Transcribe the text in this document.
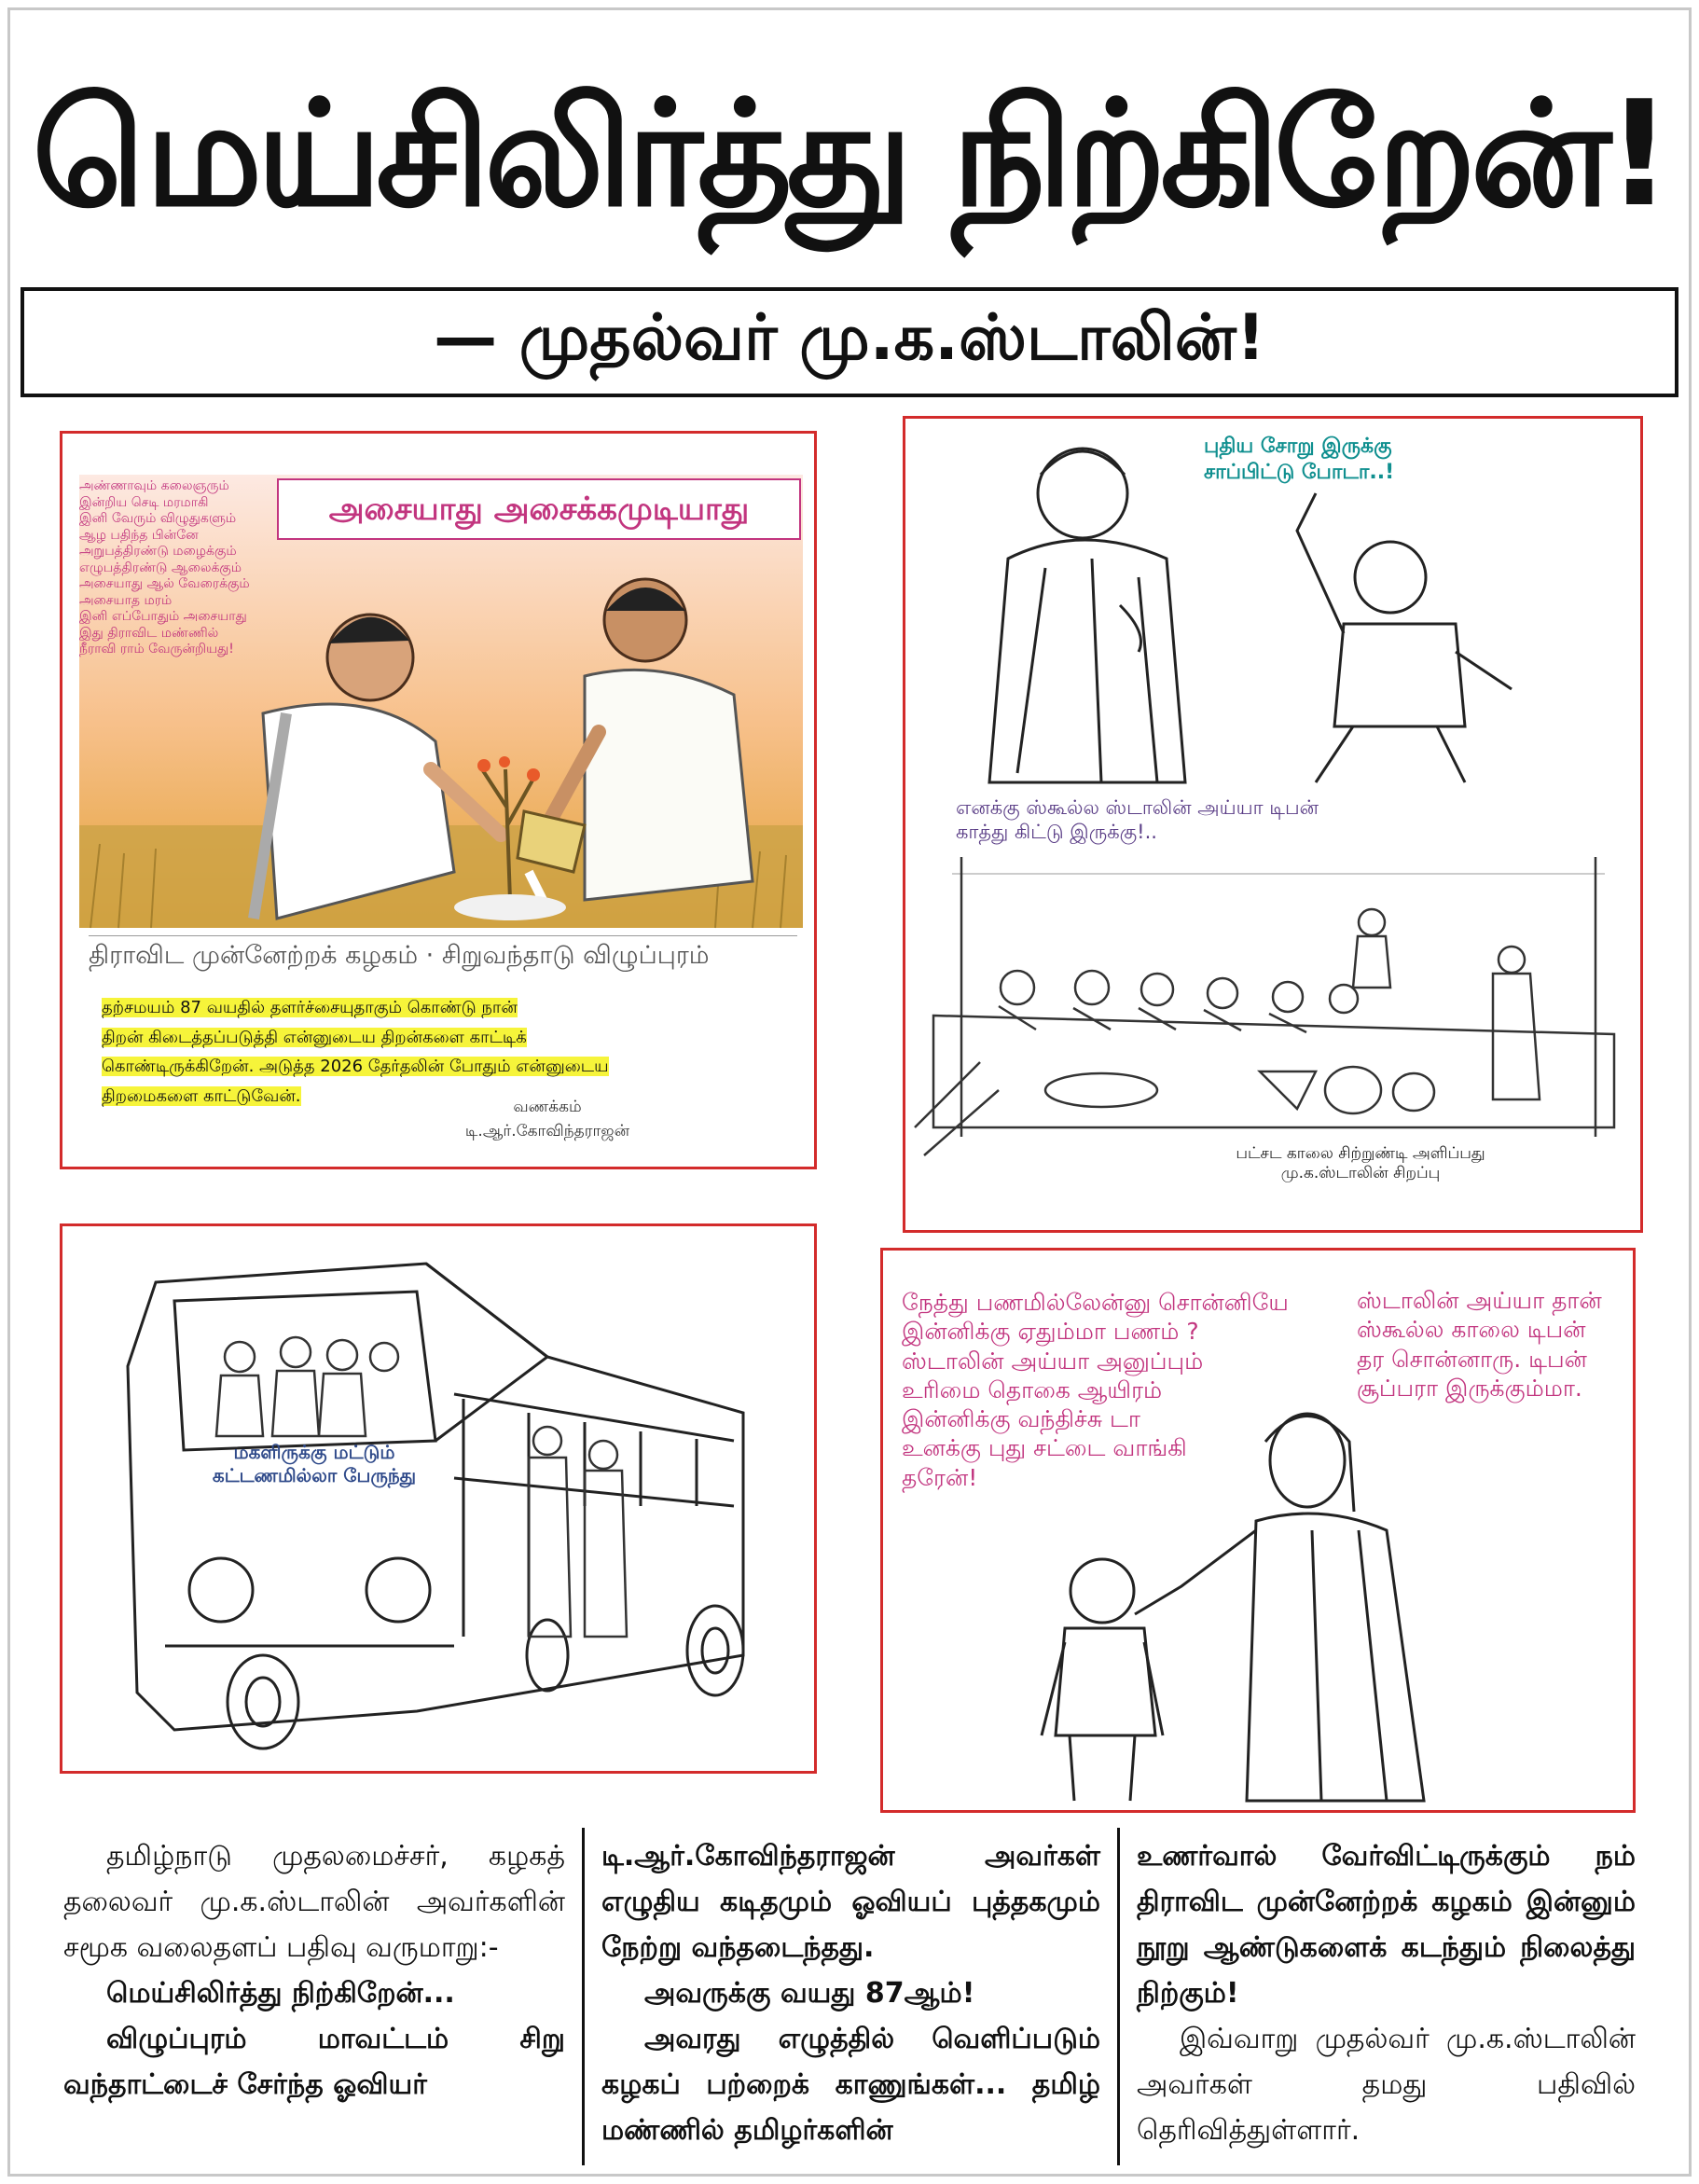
மெய்சிலிர்த்து நிற்கிறேன்!
— முதல்வர் மு.க.ஸ்டாலின்!
அசையாது அசைக்கமுடியாது
அண்ணாவும் கலைஞரும்
இன்றிய செடி மரமாகி
இனி வேரும் விழுதுகளும்
ஆழ பதிந்த பின்னே
அறுபத்திரண்டு மழைக்கும்
எழுபத்திரண்டு ஆலைக்கும்
அசையாது ஆல் வேரைக்கும்
அசையாத மரம்
இனி எப்போதும் அசையாது
இது திராவிட மண்ணில்
நீராவி ராம் வேருன்றியது!
திராவிட முன்னேற்றக் கழகம் · சிறுவந்தாடு விழுப்புரம்
தற்சமயம் 87 வயதில் தளர்ச்சையுதாகும் கொண்டு நான்
திறன் கிடைத்தப்படுத்தி என்னுடைய திறன்களை காட்டிக்
கொண்டிருக்கிறேன். அடுத்த 2026 தேர்தலின் போதும் என்னுடைய
திறமைகளை காட்டுவேன்.
வணக்கம்
டி.ஆர்.கோவிந்தராஜன்
புதிய சோறு இருக்கு
சாப்பிட்டு போடா..!
எனக்கு ஸ்கூல்ல ஸ்டாலின் அய்யா டிபன்
காத்து கிட்டு இருக்கு!..
பட்சட காலை சிற்றுண்டி அளிப்பது
மு.க.ஸ்டாலின் சிறப்பு
மகளிருக்கு மட்டும்
கட்டணமில்லா பேருந்து
நேத்து பணமில்லேன்னு சொன்னியே
இன்னிக்கு ஏதும்மா பணம் ?
ஸ்டாலின் அய்யா அனுப்பும்
உரிமை தொகை ஆயிரம்
இன்னிக்கு வந்திச்சு டா
உனக்கு புது சட்டை வாங்கி
தரேன்!
ஸ்டாலின் அய்யா தான்
ஸ்கூல்ல காலை டிபன்
தர சொன்னாரு. டிபன்
சூப்பரா இருக்கும்மா.

தமிழ்நாடு முதலமைச்சர், கழகத் தலைவர் மு.க.ஸ்டாலின் அவர்களின் சமூக வலைதளப் பதிவு வருமாறு:-

மெய்சிலிர்த்து நிற்கிறேன்...

விழுப்புரம் மாவட்டம் சிறு வந்தாட்டைச் சேர்ந்த ஓவியர்

டி.ஆர்.கோவிந்தராஜன் அவர்கள் எழுதிய கடிதமும் ஓவியப் புத்தகமும் நேற்று வந்தடைந்தது.

அவருக்கு வயது 87ஆம்!

அவரது எழுத்தில் வெளிப்படும் கழகப் பற்றைக் காணுங்கள்... தமிழ் மண்ணில் தமிழர்களின்

உணர்வால் வேர்விட்டிருக்கும் நம் திராவிட முன்னேற்றக் கழகம் இன்னும் நூறு ஆண்டுகளைக் கடந்தும் நிலைத்து நிற்கும்!

இவ்வாறு முதல்வர் மு.க.ஸ்டாலின் அவர்கள் தமது பதிவில் தெரிவித்துள்ளார்.
